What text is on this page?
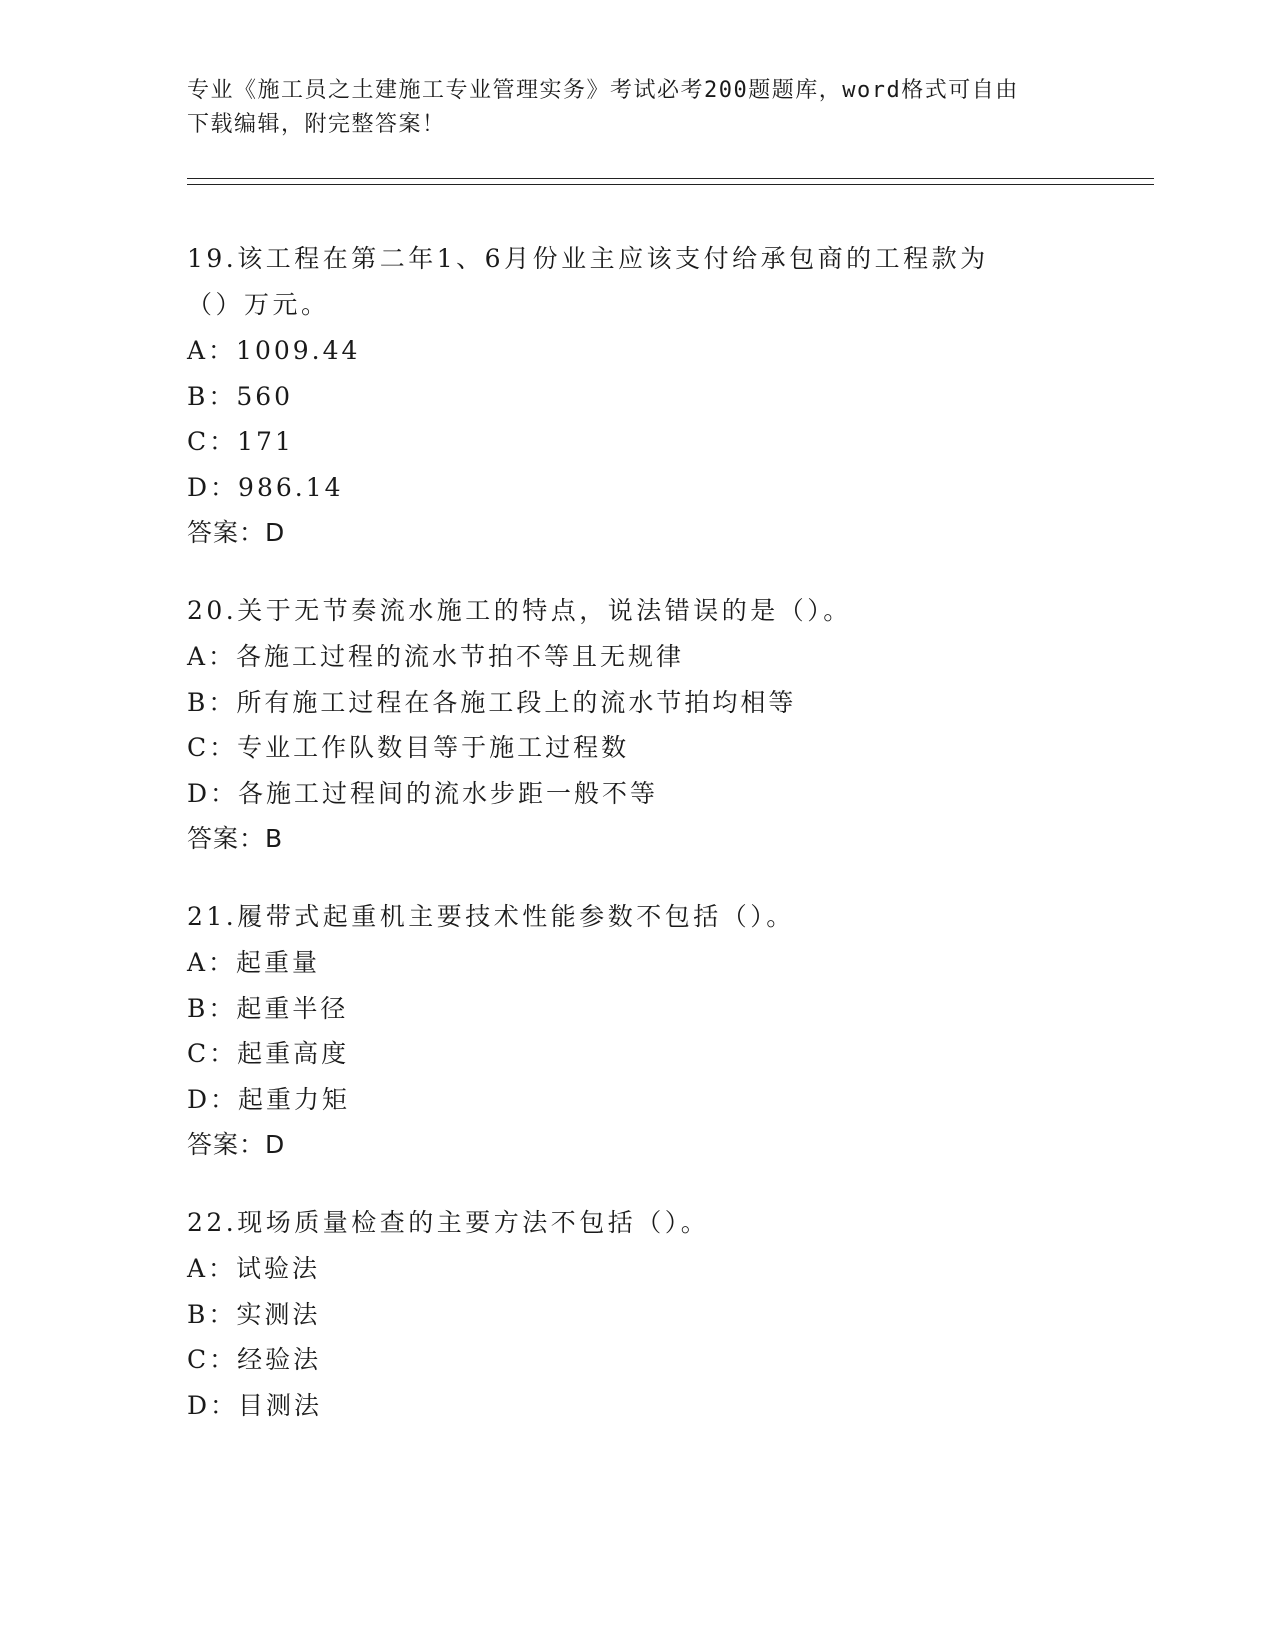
专业《施工员之土建施工专业管理实务》考试必考200题题库，word格式可自由
下载编辑，附完整答案！
19.该工程在第二年1、6月份业主应该支付给承包商的工程款为（）万元。
A：1009.44
B：560
C：171
D：986.14
答案：D
20.关于无节奏流水施工的特点，说法错误的是（）。
A：各施工过程的流水节拍不等且无规律
B：所有施工过程在各施工段上的流水节拍均相等
C：专业工作队数目等于施工过程数
D：各施工过程间的流水步距一般不等
答案：B
21.履带式起重机主要技术性能参数不包括（）。
A：起重量
B：起重半径
C：起重高度
D：起重力矩
答案：D
22.现场质量检查的主要方法不包括（）。
A：试验法
B：实测法
C：经验法
D：目测法
